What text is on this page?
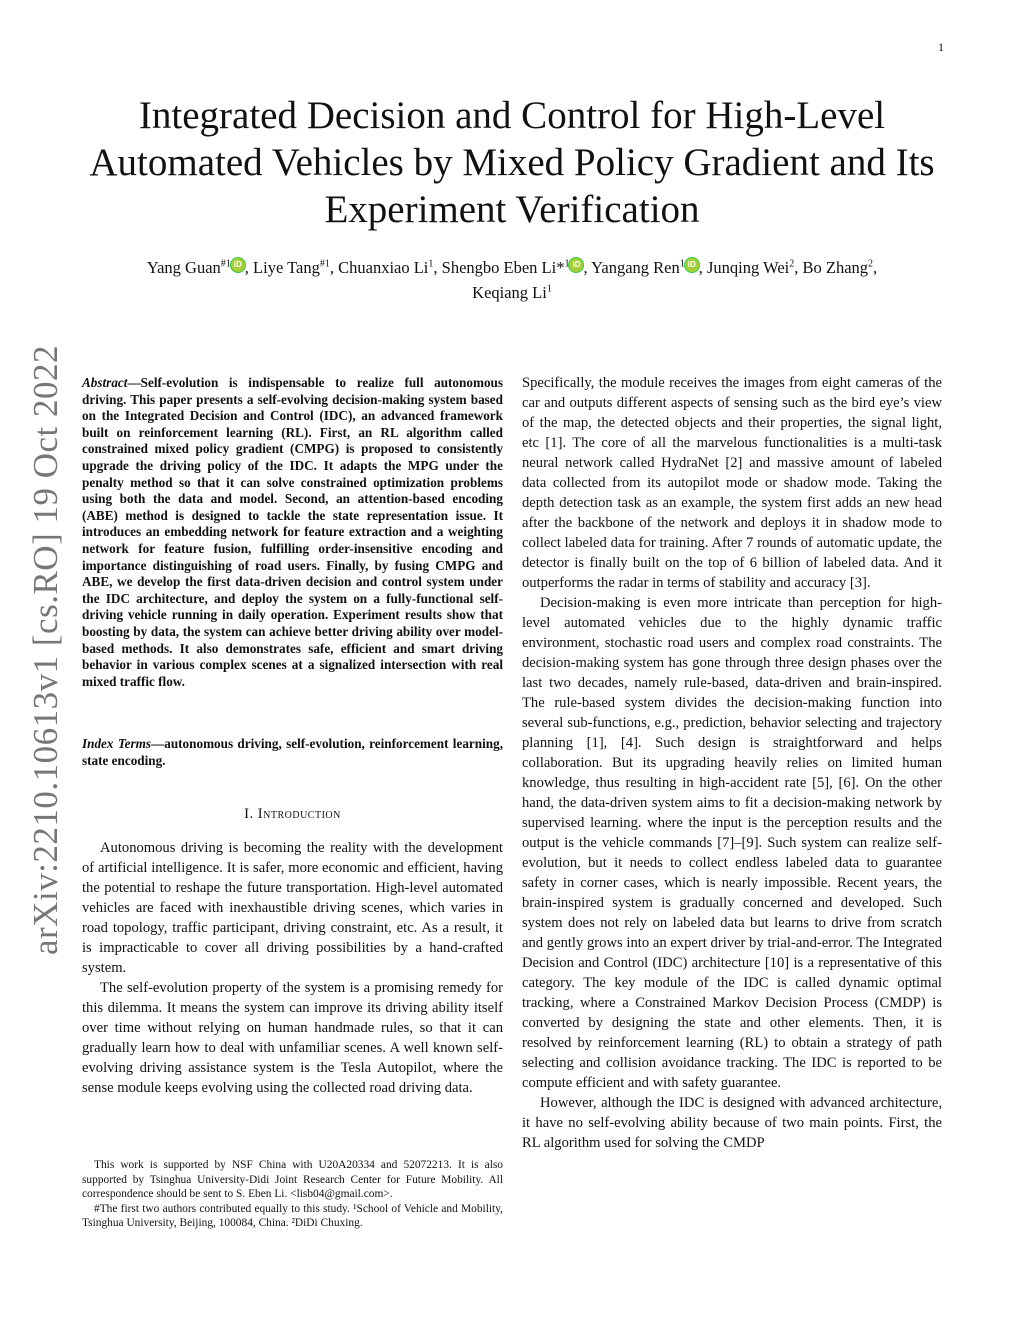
1
arXiv:2210.10613v1 [cs.RO] 19 Oct 2022
Integrated Decision and Control for High-Level Automated Vehicles by Mixed Policy Gradient and Its Experiment Verification
Yang Guan$^{\#1}$ iD , Liye Tang$^{\#1}$, Chuanxiao Li$^1$, Shengbo Eben Li*$^1$ iD , Yangang Ren$^1$ iD , Junqing Wei$^2$, Bo Zhang$^2$,
Keqiang Li$^1$
Abstract—Self-evolution is indispensable to realize full autonomous driving. This paper presents a self-evolving decision-making system based on the Integrated Decision and Control (IDC), an advanced framework built on reinforcement learning (RL). First, an RL algorithm called constrained mixed policy gradient (CMPG) is proposed to consistently upgrade the driving policy of the IDC. It adapts the MPG under the penalty method so that it can solve constrained optimization problems using both the data and model. Second, an attention-based encoding (ABE) method is designed to tackle the state representation issue. It introduces an embedding network for feature extraction and a weighting network for feature fusion, fulfilling order-insensitive encoding and importance distinguishing of road users. Finally, by fusing CMPG and ABE, we develop the first data-driven decision and control system under the IDC architecture, and deploy the system on a fully-functional self-driving vehicle running in daily operation. Experiment results show that boosting by data, the system can achieve better driving ability over model-based methods. It also demonstrates safe, efficient and smart driving behavior in various complex scenes at a signalized intersection with real mixed traffic flow.
Index Terms—autonomous driving, self-evolution, reinforcement learning, state encoding.
I. Introduction

Autonomous driving is becoming the reality with the development of artificial intelligence. It is safer, more economic and efficient, having the potential to reshape the future transportation. High-level automated vehicles are faced with inexhaustible driving scenes, which varies in road topology, traffic participant, driving constraint, etc. As a result, it is impracticable to cover all driving possibilities by a hand-crafted system.

The self-evolution property of the system is a promising remedy for this dilemma. It means the system can improve its driving ability itself over time without relying on human handmade rules, so that it can gradually learn how to deal with unfamiliar scenes. A well known self-evolving driving assistance system is the Tesla Autopilot, where the sense module keeps evolving using the collected road driving data.

This work is supported by NSF China with U20A20334 and 52072213. It is also supported by Tsinghua University-Didi Joint Research Center for Future Mobility. All correspondence should be sent to S. Eben Li. <lisb04@gmail.com>.

#The first two authors contributed equally to this study. ¹School of Vehicle and Mobility, Tsinghua University, Beijing, 100084, China. ²DiDi Chuxing.

Specifically, the module receives the images from eight cameras of the car and outputs different aspects of sensing such as the bird eye’s view of the map, the detected objects and their properties, the signal light, etc [1]. The core of all the marvelous functionalities is a multi-task neural network called HydraNet [2] and massive amount of labeled data collected from its autopilot mode or shadow mode. Taking the depth detection task as an example, the system first adds an new head after the backbone of the network and deploys it in shadow mode to collect labeled data for training. After 7 rounds of automatic update, the detector is finally built on the top of 6 billion of labeled data. And it outperforms the radar in terms of stability and accuracy [3].

Decision-making is even more intricate than perception for high-level automated vehicles due to the highly dynamic traffic environment, stochastic road users and complex road constraints. The decision-making system has gone through three design phases over the last two decades, namely rule-based, data-driven and brain-inspired. The rule-based system divides the decision-making function into several sub-functions, e.g., prediction, behavior selecting and trajectory planning [1], [4]. Such design is straightforward and helps collaboration. But its upgrading heavily relies on limited human knowledge, thus resulting in high-accident rate [5], [6]. On the other hand, the data-driven system aims to fit a decision-making network by supervised learning. where the input is the perception results and the output is the vehicle commands [7]–[9]. Such system can realize self-evolution, but it needs to collect endless labeled data to guarantee safety in corner cases, which is nearly impossible. Recent years, the brain-inspired system is gradually concerned and developed. Such system does not rely on labeled data but learns to drive from scratch and gently grows into an expert driver by trial-and-error. The Integrated Decision and Control (IDC) architecture [10] is a representative of this category. The key module of the IDC is called dynamic optimal tracking, where a Constrained Markov Decision Process (CMDP) is converted by designing the state and other elements. Then, it is resolved by reinforcement learning (RL) to obtain a strategy of path selecting and collision avoidance tracking. The IDC is reported to be compute efficient and with safety guarantee.

However, although the IDC is designed with advanced architecture, it have no self-evolving ability because of two main points. First, the RL algorithm used for solving the CMDP
